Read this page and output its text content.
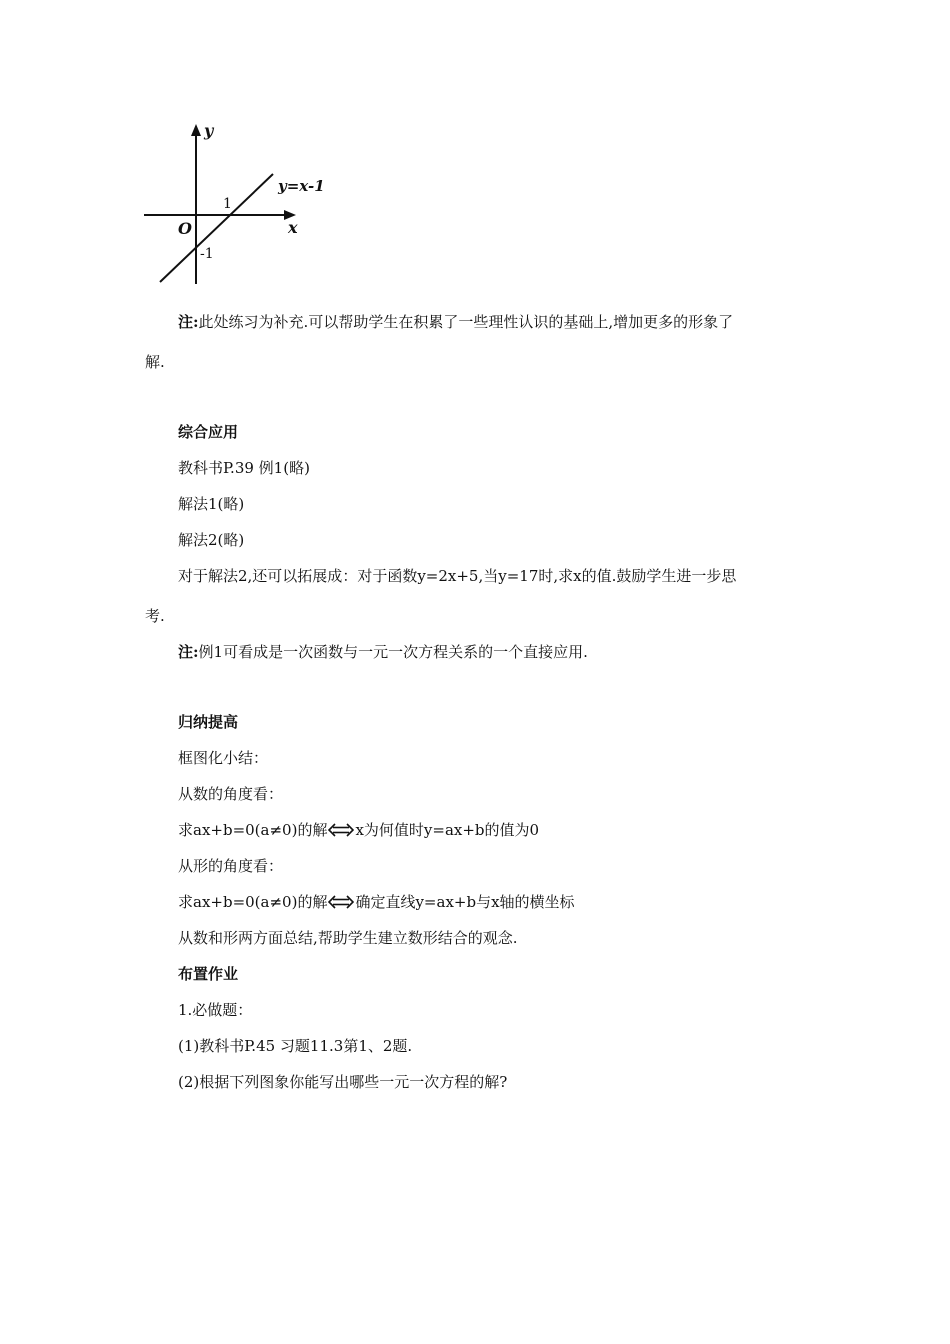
y
x
O
1
-1
y=x-1
注:此处练习为补充.可以帮助学生在积累了一些理性认识的基础上,增加更多的形象了
解.
综合应用
教科书P.39 例1(略)
解法1(略)
解法2(略)
对于解法2,还可以拓展成：对于函数y=2x+5,当y=17时,求x的值.鼓励学生进一步思
考.
注:例1可看成是一次函数与一元一次方程关系的一个直接应用.
归纳提高
框图化小结：
从数的角度看：
求ax+b=0(a≠0)的解 x为何值时y=ax+b的值为0
从形的角度看：
求ax+b=0(a≠0)的解 确定直线y=ax+b与x轴的横坐标
从数和形两方面总结,帮助学生建立数形结合的观念.
布置作业
1.必做题：
(1)教科书P.45 习题11.3第1、2题.
(2)根据下列图象你能写出哪些一元一次方程的解?
